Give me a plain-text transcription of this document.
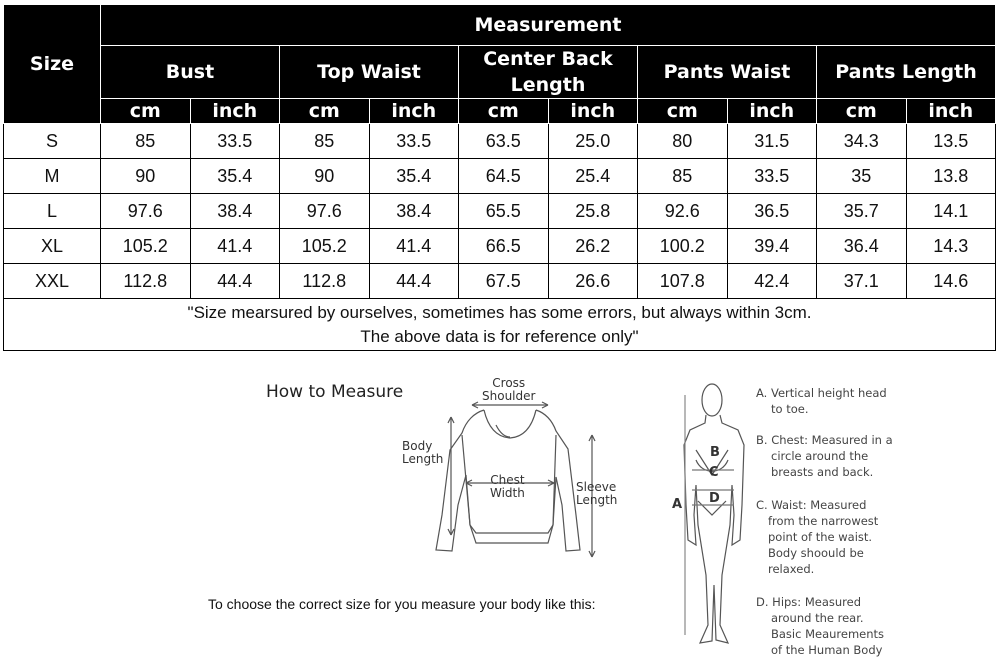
Size	Measurement									
	Bust		Top Waist		Center Back Length		Pants Waist		Pants Length	
	cm	inch	cm	inch	cm	inch	cm	inch	cm	inch
S	85	33.5	85	33.5	63.5	25.0	80	31.5	34.3	13.5
M	90	35.4	90	35.4	64.5	25.4	85	33.5	35	13.8
L	97.6	38.4	97.6	38.4	65.5	25.8	92.6	36.5	35.7	14.1
XL	105.2	41.4	105.2	41.4	66.5	26.2	100.2	39.4	36.4	14.3
XXL	112.8	44.4	112.8	44.4	67.5	26.6	107.8	42.4	37.1	14.6

"Size mearsured by ourselves, sometimes has some errors, but always within 3cm.
The above data is for reference only"										
How to Measure	Cross
Shoulder
Body
Length
Chest
Width	Sleeve
Length
To choose the correct size for you measure your body like this:
A
B
C
D
A. Vertical height head
to toe.
B. Chest: Measured in a
circle around the
breasts and back.
C. Waist: Measured
from the narrowest
point of the waist.
Body shoould be
relaxed.
D. Hips: Measured
around the rear.
Basic Meaurements
of the Human Body
